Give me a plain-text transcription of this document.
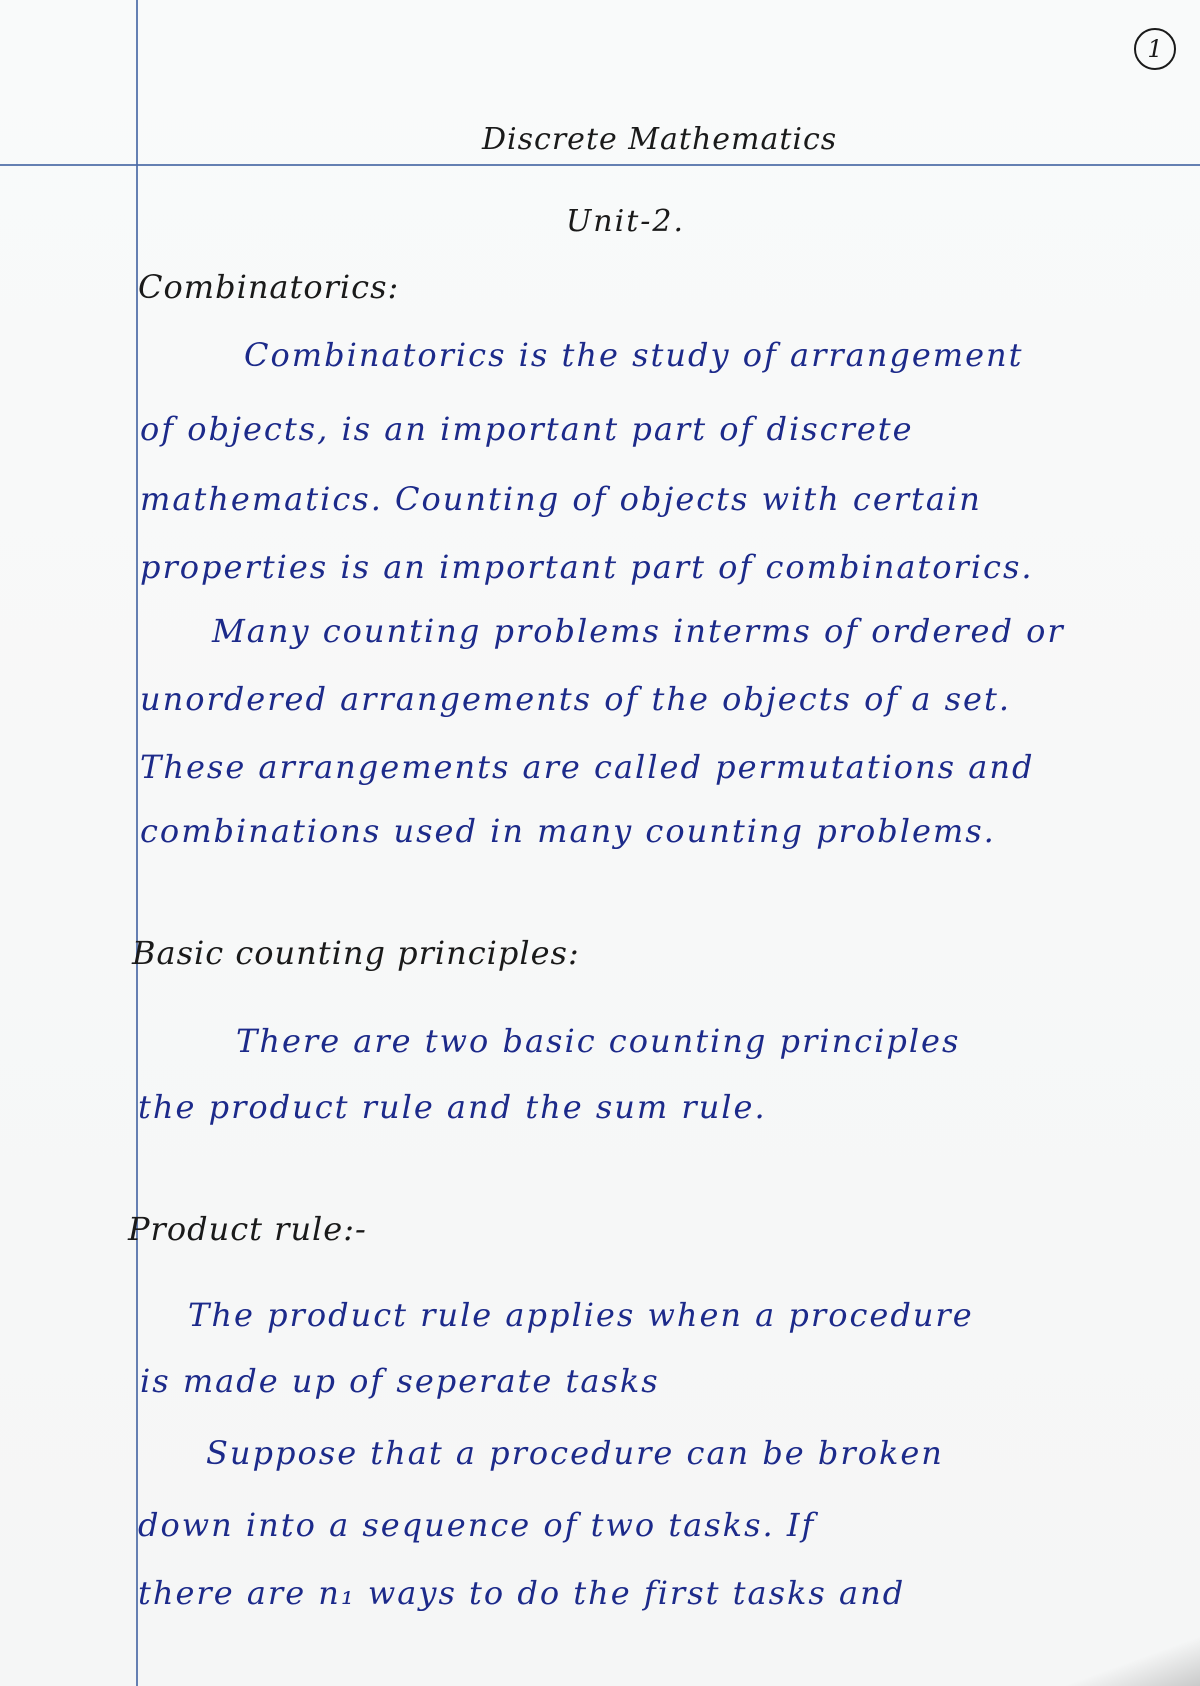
1
Discrete Mathematics
Unit-2.
Combinatorics:
Combinatorics is the study of arrangement
of objects, is an important part of discrete
mathematics. Counting of objects with certain
properties is an important part of combinatorics.
Many counting problems interms of ordered or
unordered arrangements of the objects of a set.
These arrangements are called permutations and
combinations used in many counting problems.
Basic counting principles:
There are two basic counting principles
the product rule and the sum rule.
Product rule:-
The product rule applies when a procedure
is made up of seperate tasks
Suppose that a procedure can be broken
down into a sequence of two tasks. If
there are n₁ ways to do the first tasks and
